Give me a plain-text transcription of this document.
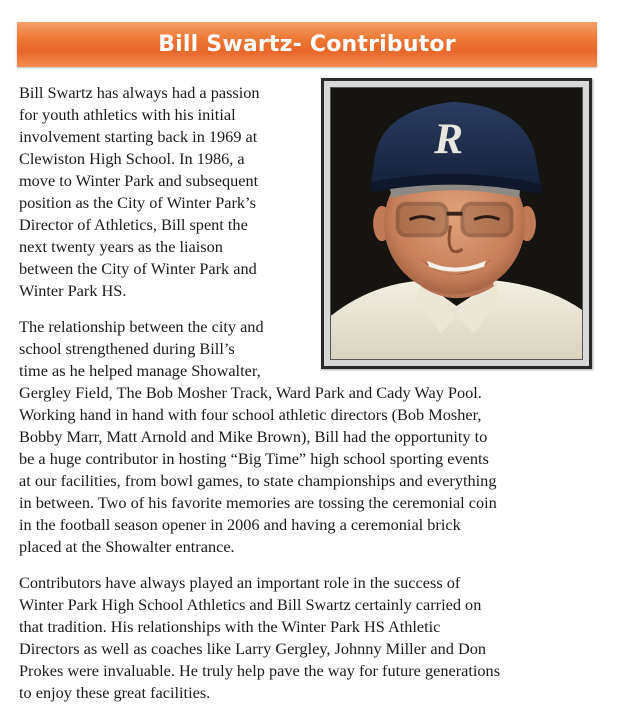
Bill Swartz- Contributor
R
Bill Swartz has always had a passion
for youth athletics with his initial
involvement starting back in 1969 at
Clewiston High School. In 1986, a
move to Winter Park and subsequent
position as the City of Winter Park’s
Director of Athletics, Bill spent the
next twenty years as the liaison
between the City of Winter Park and
Winter Park HS.
The relationship between the city and
school strengthened during Bill’s
time as he helped manage Showalter,
Gergley Field, The Bob Mosher Track, Ward Park and Cady Way Pool.
Working hand in hand with four school athletic directors (Bob Mosher,
Bobby Marr, Matt Arnold and Mike Brown), Bill had the opportunity to
be a huge contributor in hosting “Big Time” high school sporting events
at our facilities, from bowl games, to state championships and everything
in between. Two of his favorite memories are tossing the ceremonial coin
in the football season opener in 2006 and having a ceremonial brick
placed at the Showalter entrance.
Contributors have always played an important role in the success of
Winter Park High School Athletics and Bill Swartz certainly carried on
that tradition. His relationships with the Winter Park HS Athletic
Directors as well as coaches like Larry Gergley, Johnny Miller and Don
Prokes were invaluable. He truly help pave the way for future generations
to enjoy these great facilities.
